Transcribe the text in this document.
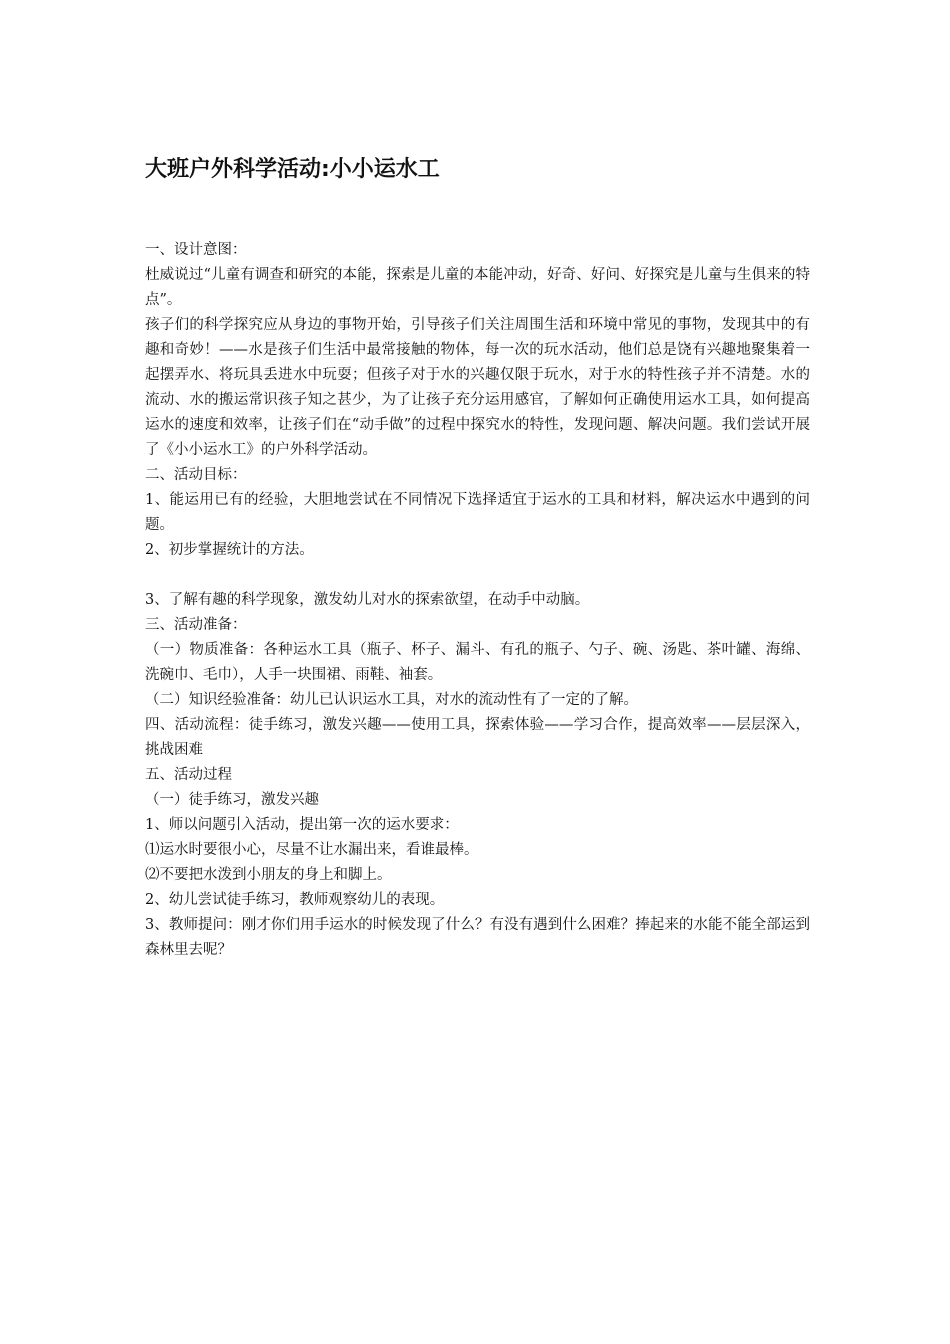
大班户外科学活动:小小运水工

一、设计意图：

杜威说过“儿童有调查和研究的本能，探索是儿童的本能冲动，好奇、好问、好探究是儿童与生俱来的特点”。

孩子们的科学探究应从身边的事物开始，引导孩子们关注周围生活和环境中常见的事物，发现其中的有趣和奇妙！——水是孩子们生活中最常接触的物体，每一次的玩水活动，他们总是饶有兴趣地聚集着一起摆弄水、将玩具丢进水中玩耍；但孩子对于水的兴趣仅限于玩水，对于水的特性孩子并不清楚。水的流动、水的搬运常识孩子知之甚少，为了让孩子充分运用感官，了解如何正确使用运水工具，如何提高运水的速度和效率，让孩子们在“动手做”的过程中探究水的特性，发现问题、解决问题。我们尝试开展了《小小运水工》的户外科学活动。

二、活动目标：

1、能运用已有的经验，大胆地尝试在不同情况下选择适宜于运水的工具和材料，解决运水中遇到的问题。

2、初步掌握统计的方法。

3、了解有趣的科学现象，激发幼儿对水的探索欲望，在动手中动脑。

三、活动准备：

（一）物质准备：各种运水工具（瓶子、杯子、漏斗、有孔的瓶子、勺子、碗、汤匙、茶叶罐、海绵、洗碗巾、毛巾），人手一块围裙、雨鞋、袖套。

（二）知识经验准备：幼儿已认识运水工具，对水的流动性有了一定的了解。

四、活动流程：徒手练习，激发兴趣——使用工具，探索体验——学习合作，提高效率——层层深入，挑战困难

五、活动过程

（一）徒手练习，激发兴趣

1、师以问题引入活动，提出第一次的运水要求：

⑴运水时要很小心，尽量不让水漏出来，看谁最棒。

⑵不要把水泼到小朋友的身上和脚上。

2、幼儿尝试徒手练习，教师观察幼儿的表现。

3、教师提问：刚才你们用手运水的时候发现了什么？有没有遇到什么困难？捧起来的水能不能全部运到森林里去呢？
